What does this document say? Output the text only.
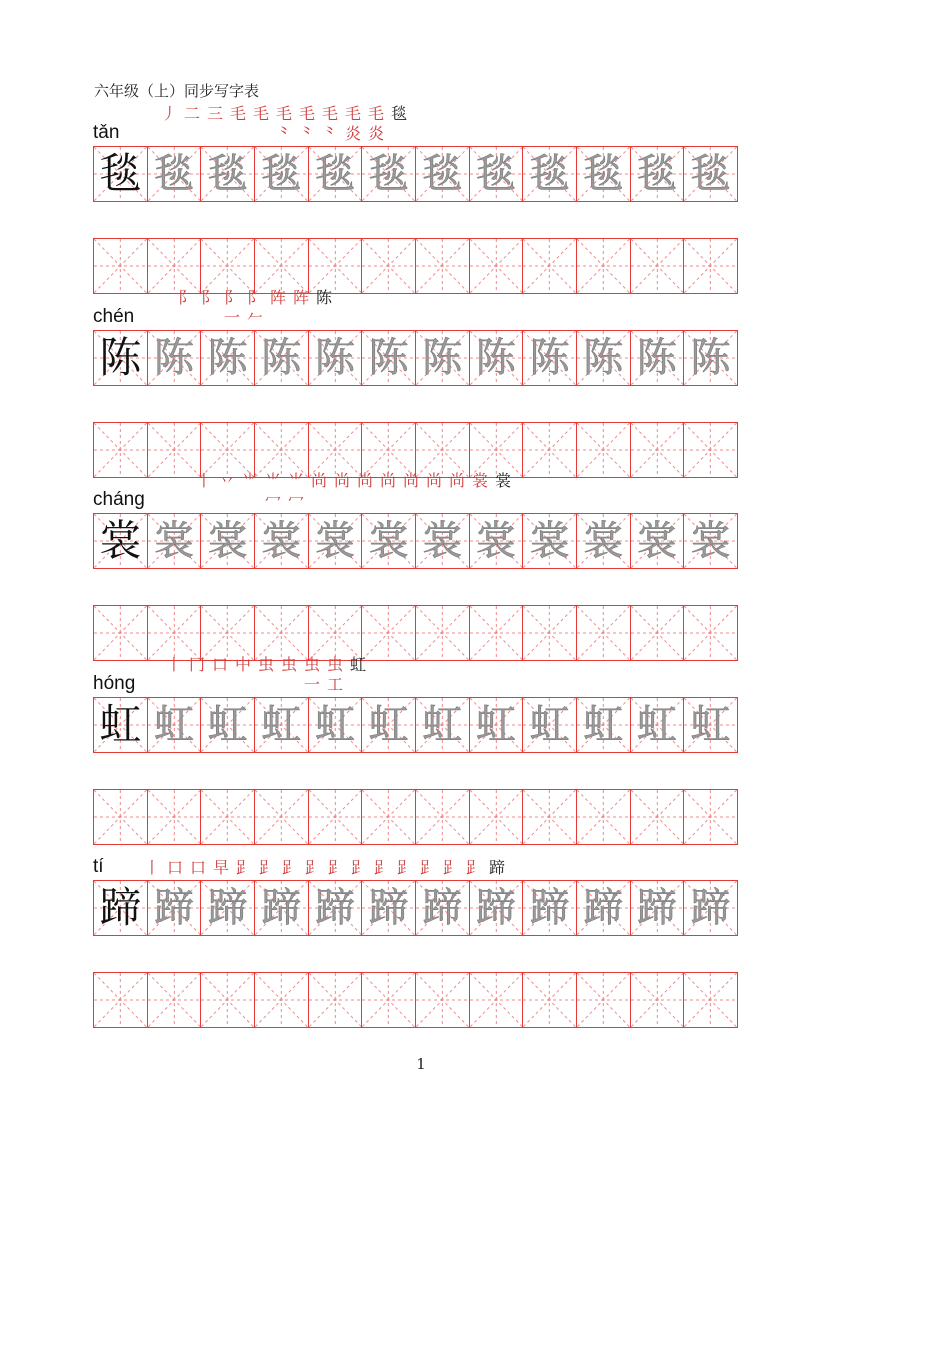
六年级（上）同步写字表
tǎn
丿 二 三 毛 毛 毛⺀
毛⺀
毛⺀
毛炎
毛炎
毯
毯 毯 毯 毯 毯 毯 毯 毯 毯 毯 毯 毯
chén
阝 阝 阝一
阝𠂉
阵 阵 陈
陈 陈 陈 陈 陈 陈 陈 陈 陈 陈 陈 陈
cháng
丨 丷 ⺌ ⺌冖
⺌冖
尚 尚 尚 尚 尚 尚 尚 裳 裳
裳 裳 裳 裳 裳 裳 裳 裳 裳 裳 裳 裳
hóng
丨 冂 口 中 虫 虫 虫一
虫工
虹
虹 虹 虹 虹 虹 虹 虹 虹 虹 虹 虹 虹
tí	丨 口 口 早 𧾷 𧾷 𧾷 𧾷 𧾷 𧾷 𧾷 𧾷 𧾷 𧾷 𧾷 蹄
蹄 蹄 蹄 蹄 蹄 蹄 蹄 蹄 蹄 蹄 蹄 蹄
1
